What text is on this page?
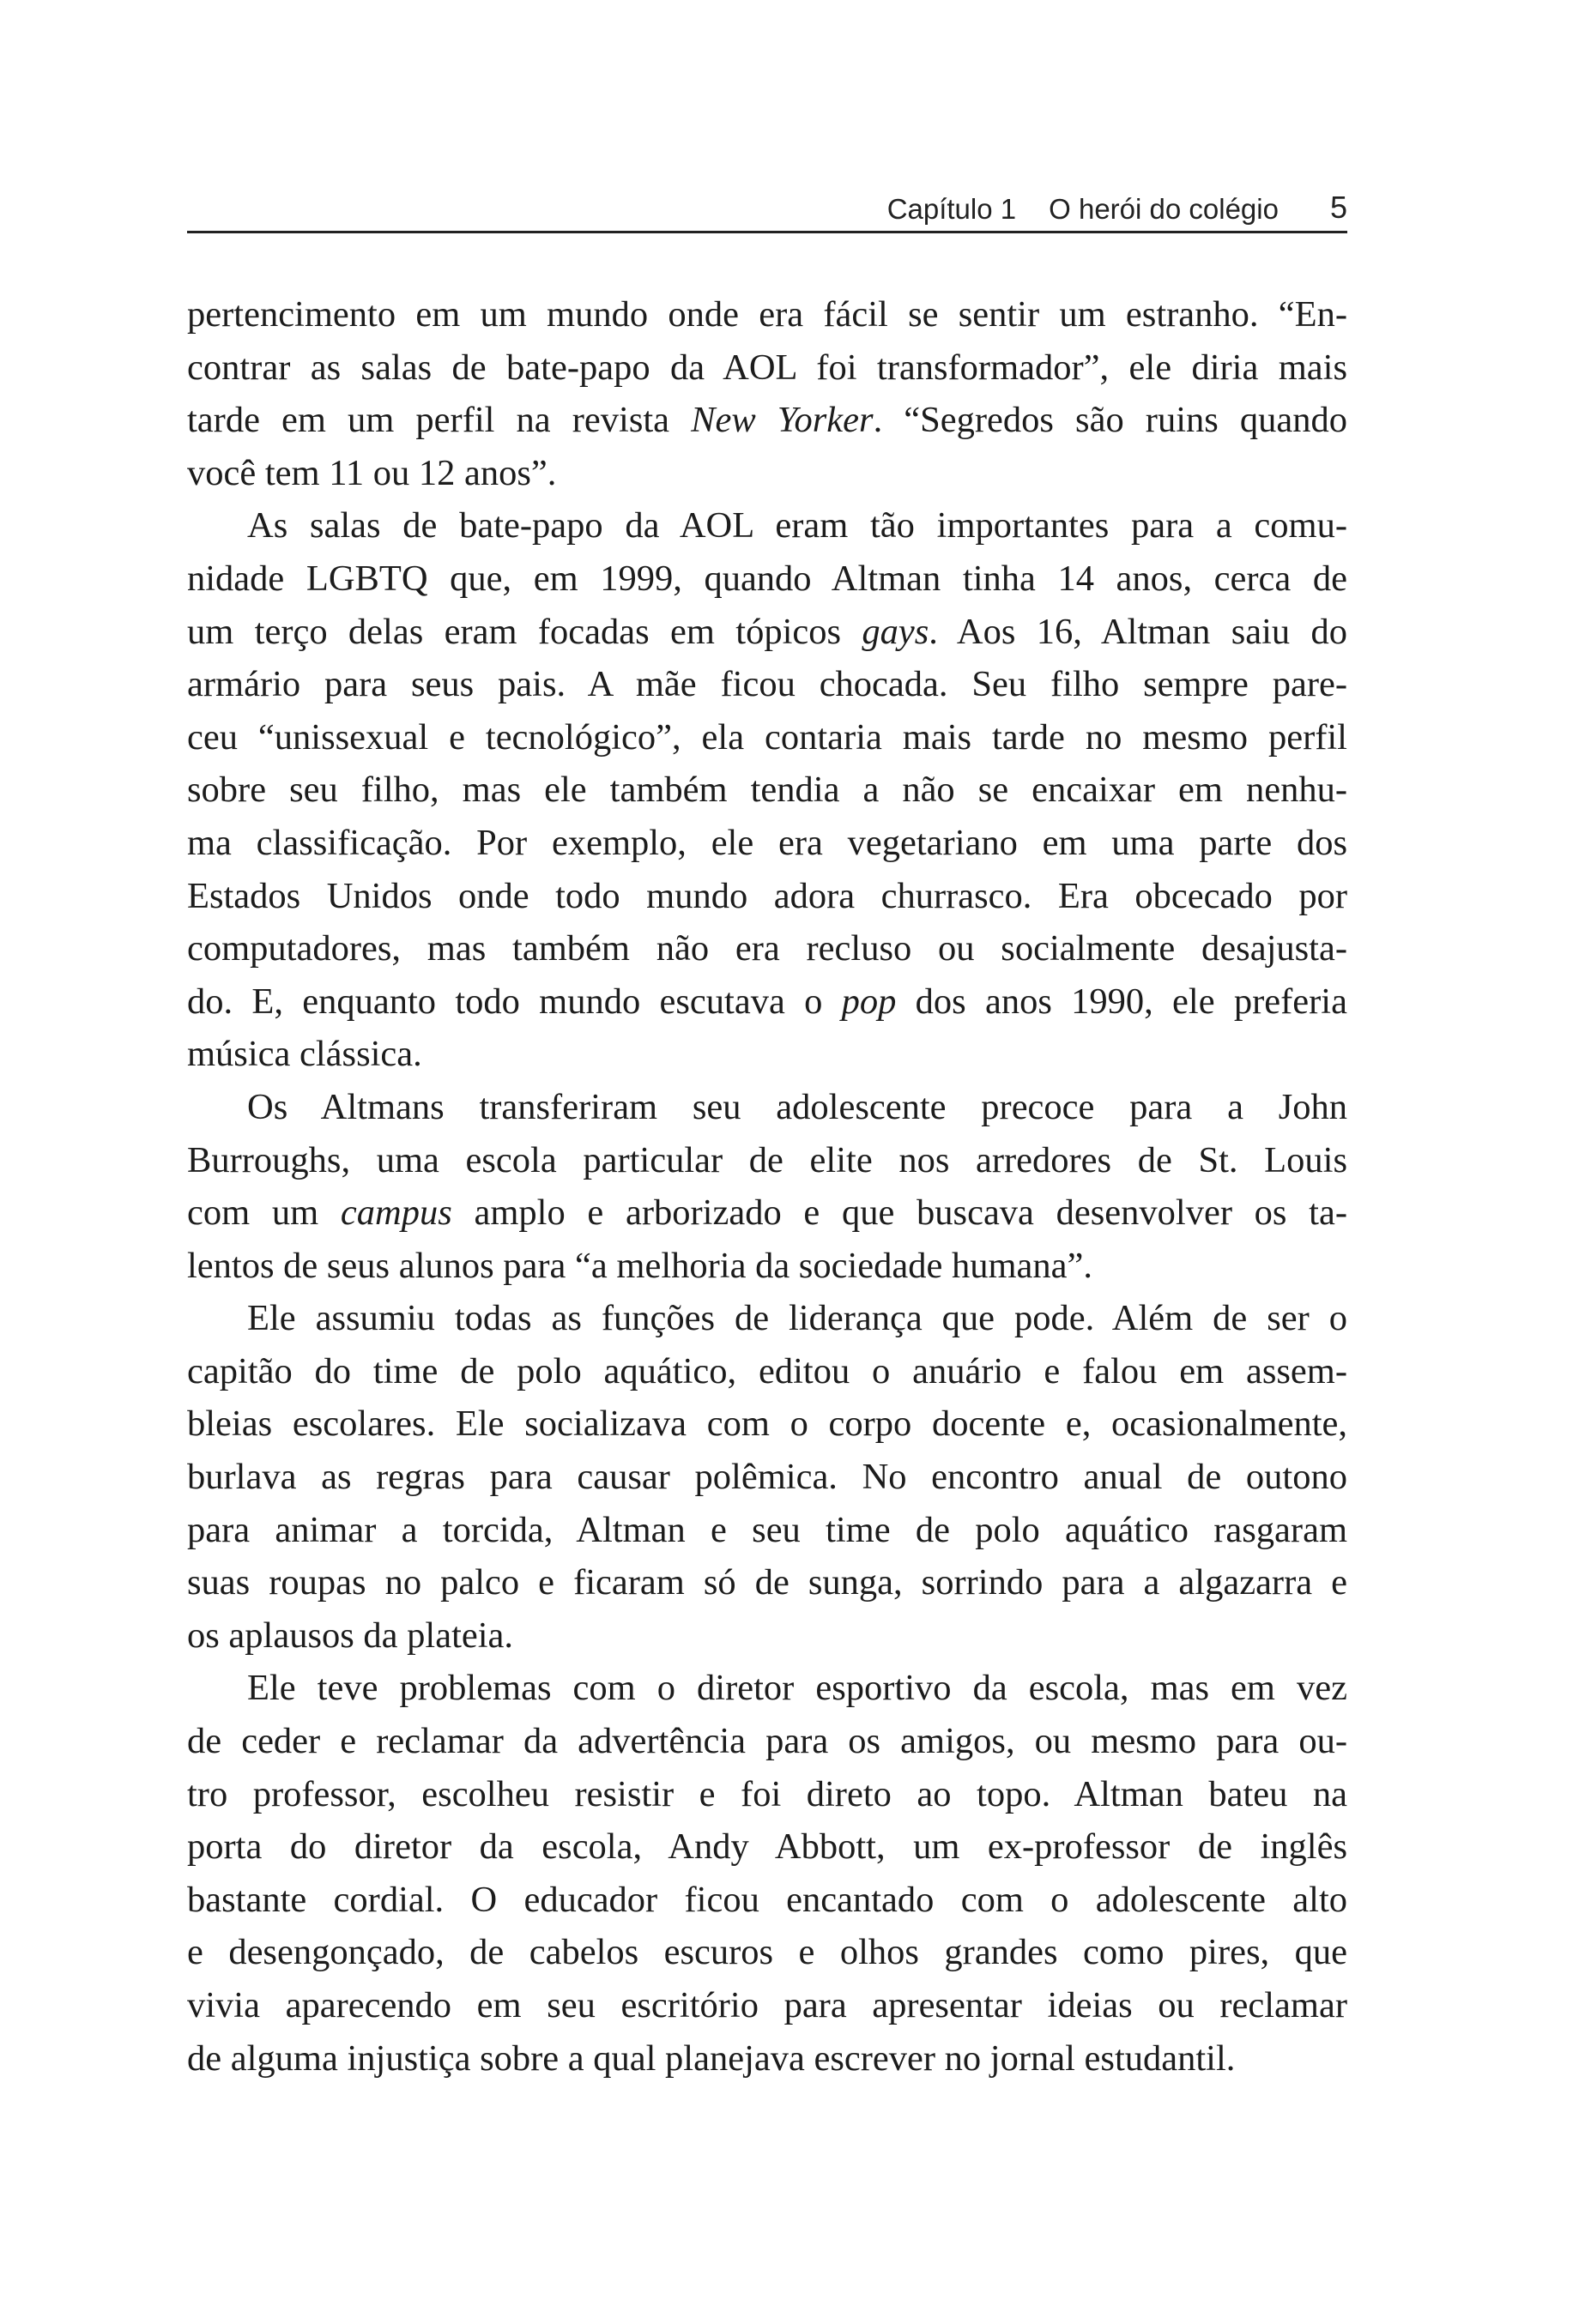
Capítulo 1 O herói do colégio 5
pertencimento em um mundo onde era fácil se sentir um estranho. “En-
contrar as salas de bate-papo da AOL foi transformador”, ele diria mais
tarde em um perfil na revista New Yorker. “Segredos são ruins quando
você tem 11 ou 12 anos”.
As salas de bate-papo da AOL eram tão importantes para a comu-
nidade LGBTQ que, em 1999, quando Altman tinha 14 anos, cerca de
um terço delas eram focadas em tópicos gays. Aos 16, Altman saiu do
armário para seus pais. A mãe ficou chocada. Seu filho sempre pare-
ceu “unissexual e tecnológico”, ela contaria mais tarde no mesmo perfil
sobre seu filho, mas ele também tendia a não se encaixar em nenhu-
ma classificação. Por exemplo, ele era vegetariano em uma parte dos
Estados Unidos onde todo mundo adora churrasco. Era obcecado por
computadores, mas também não era recluso ou socialmente desajusta-
do. E, enquanto todo mundo escutava o pop dos anos 1990, ele preferia
música clássica.
Os Altmans transferiram seu adolescente precoce para a John
Burroughs, uma escola particular de elite nos arredores de St. Louis
com um campus amplo e arborizado e que buscava desenvolver os ta-
lentos de seus alunos para “a melhoria da sociedade humana”.
Ele assumiu todas as funções de liderança que pode. Além de ser o
capitão do time de polo aquático, editou o anuário e falou em assem-
bleias escolares. Ele socializava com o corpo docente e, ocasionalmente,
burlava as regras para causar polêmica. No encontro anual de outono
para animar a torcida, Altman e seu time de polo aquático rasgaram
suas roupas no palco e ficaram só de sunga, sorrindo para a algazarra e
os aplausos da plateia.
Ele teve problemas com o diretor esportivo da escola, mas em vez
de ceder e reclamar da advertência para os amigos, ou mesmo para ou-
tro professor, escolheu resistir e foi direto ao topo. Altman bateu na
porta do diretor da escola, Andy Abbott, um ex-professor de inglês
bastante cordial. O educador ficou encantado com o adolescente alto
e desengonçado, de cabelos escuros e olhos grandes como pires, que
vivia aparecendo em seu escritório para apresentar ideias ou reclamar
de alguma injustiça sobre a qual planejava escrever no jornal estudantil.
